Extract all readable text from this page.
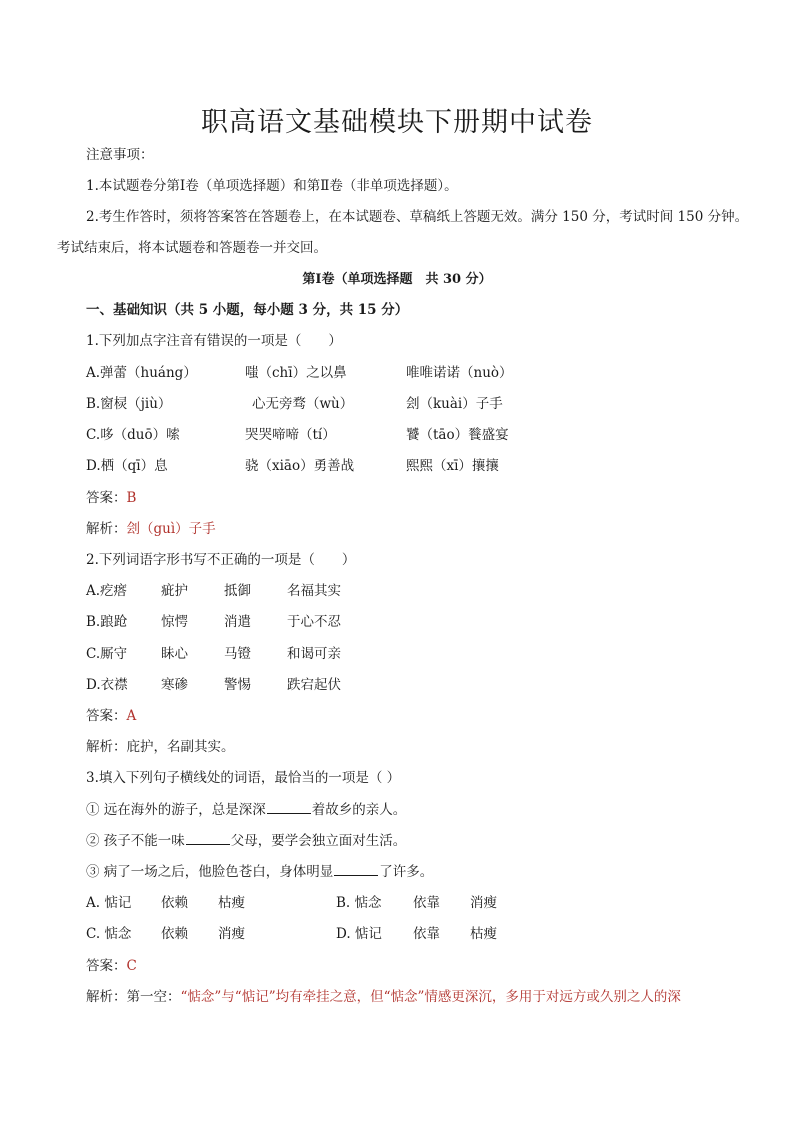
职高语文基础模块下册期中试卷
注意事项：
1.本试题卷分第Ⅰ卷（单项选择题）和第Ⅱ卷（非单项选择题）。
2.考生作答时，须将答案答在答题卷上，在本试题卷、草稿纸上答题无效。满分 150 分，考试时间 150 分钟。
考试结束后，将本试题卷和答题卷一并交回。
第Ⅰ卷（单项选择题　共 30 分）
一、基础知识（共 5 小题，每小题 3 分，共 15 分）
1.下列加点字注音有错误的一项是（　　）
A.弹蕾（huáng）	嗤（chī）之以鼻	唯唯诺诺（nuò）
B.窗棂（jiù）	心无旁骛（wù）	刽（kuài）子手
C.哆（duō）嗦	哭哭啼啼（tí）	饕（tāo）餮盛宴
D.栖（qī）息	骁（xiāo）勇善战	熙熙（xī）攘攘
答案：B
解析：刽（guì）子手
2.下列词语字形书写不正确的一项是（　　）
A.疙瘩	疵护	抵御	名福其实
B.踉跄	惊愕	消遣	于心不忍
C.厮守	眛心	马镫	和谒可亲
D.衣襟 寒碜	警惕	跌宕起伏
答案：A
解析：庇护，名副其实。
3.填入下列句子横线处的词语，最恰当的一项是（ ）
① 远在海外的游子，总是深深	着故乡的亲人。
② 孩子不能一味	父母，要学会独立面对生活。
③ 病了一场之后，他脸色苍白，身体明显	了许多。
A. 惦记 依赖 枯瘦	B. 惦念 依靠 消瘦
C. 惦念 依赖 消瘦	D. 惦记 依靠 枯瘦
答案：C
解析：第一空：“惦念”与“惦记”均有牵挂之意，但“惦念”情感更深沉，多用于对远方或久别之人的深
